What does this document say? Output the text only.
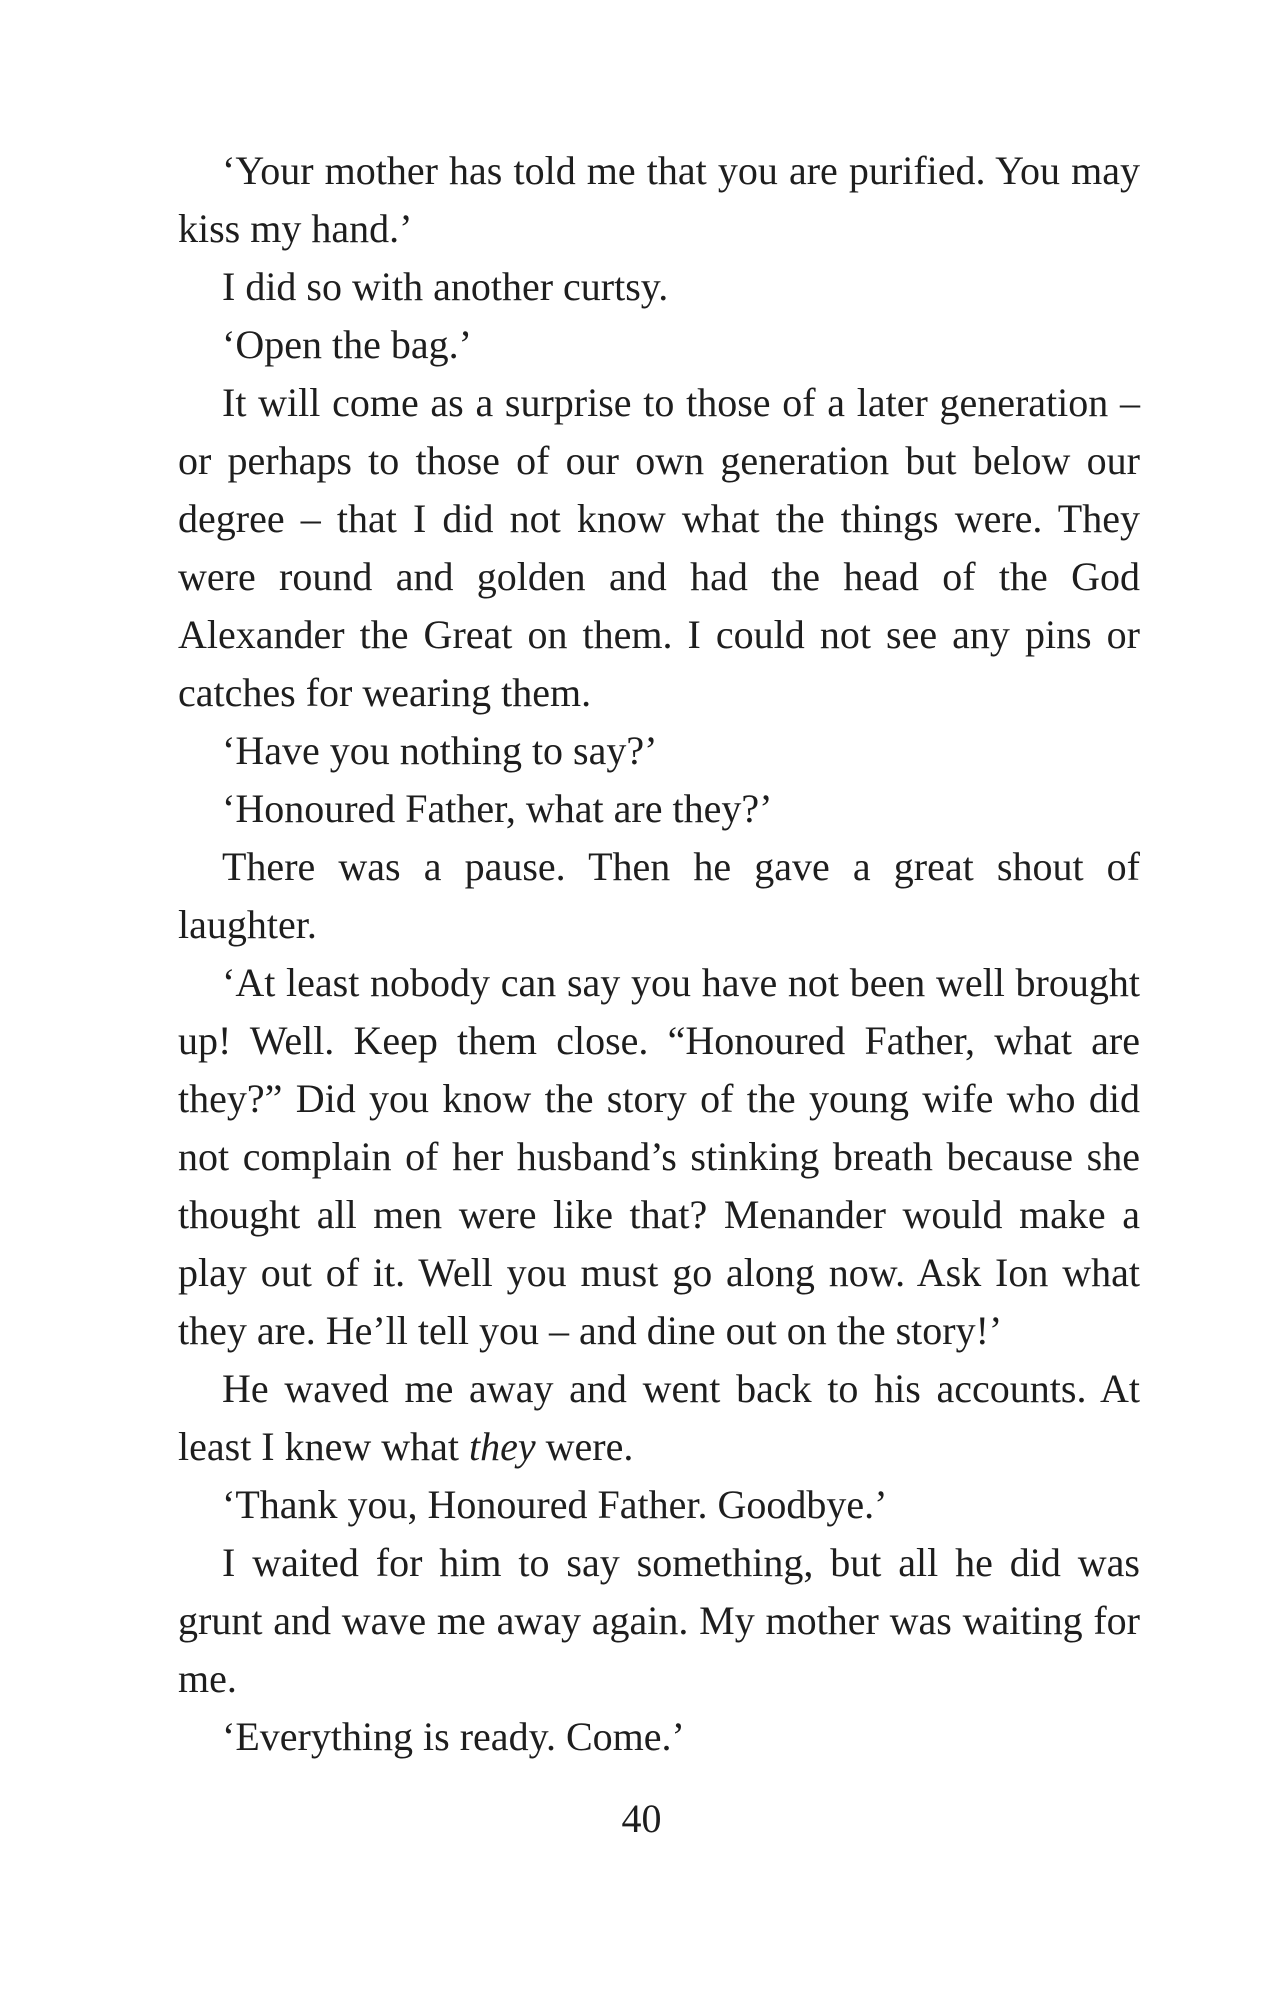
‘Your mother has told me that you are purified. You may kiss my hand.’

I did so with another curtsy.

‘Open the bag.’

It will come as a surprise to those of a later generation – or perhaps to those of our own generation but below our degree – that I did not know what the things were. They were round and golden and had the head of the God Alexander the Great on them. I could not see any pins or catches for wearing them.

‘Have you nothing to say?’

‘Honoured Father, what are they?’

There was a pause. Then he gave a great shout of laughter.

‘At least nobody can say you have not been well brought up! Well. Keep them close. “Honoured Father, what are they?” Did you know the story of the young wife who did not complain of her husband’s stinking breath because she thought all men were like that? Menander would make a play out of it. Well you must go along now. Ask Ion what they are. He’ll tell you – and dine out on the story!’

He waved me away and went back to his accounts. At least I knew what they were.

‘Thank you, Honoured Father. Goodbye.’

I waited for him to say something, but all he did was grunt and wave me away again. My mother was waiting for me.

‘Everything is ready. Come.’

40
